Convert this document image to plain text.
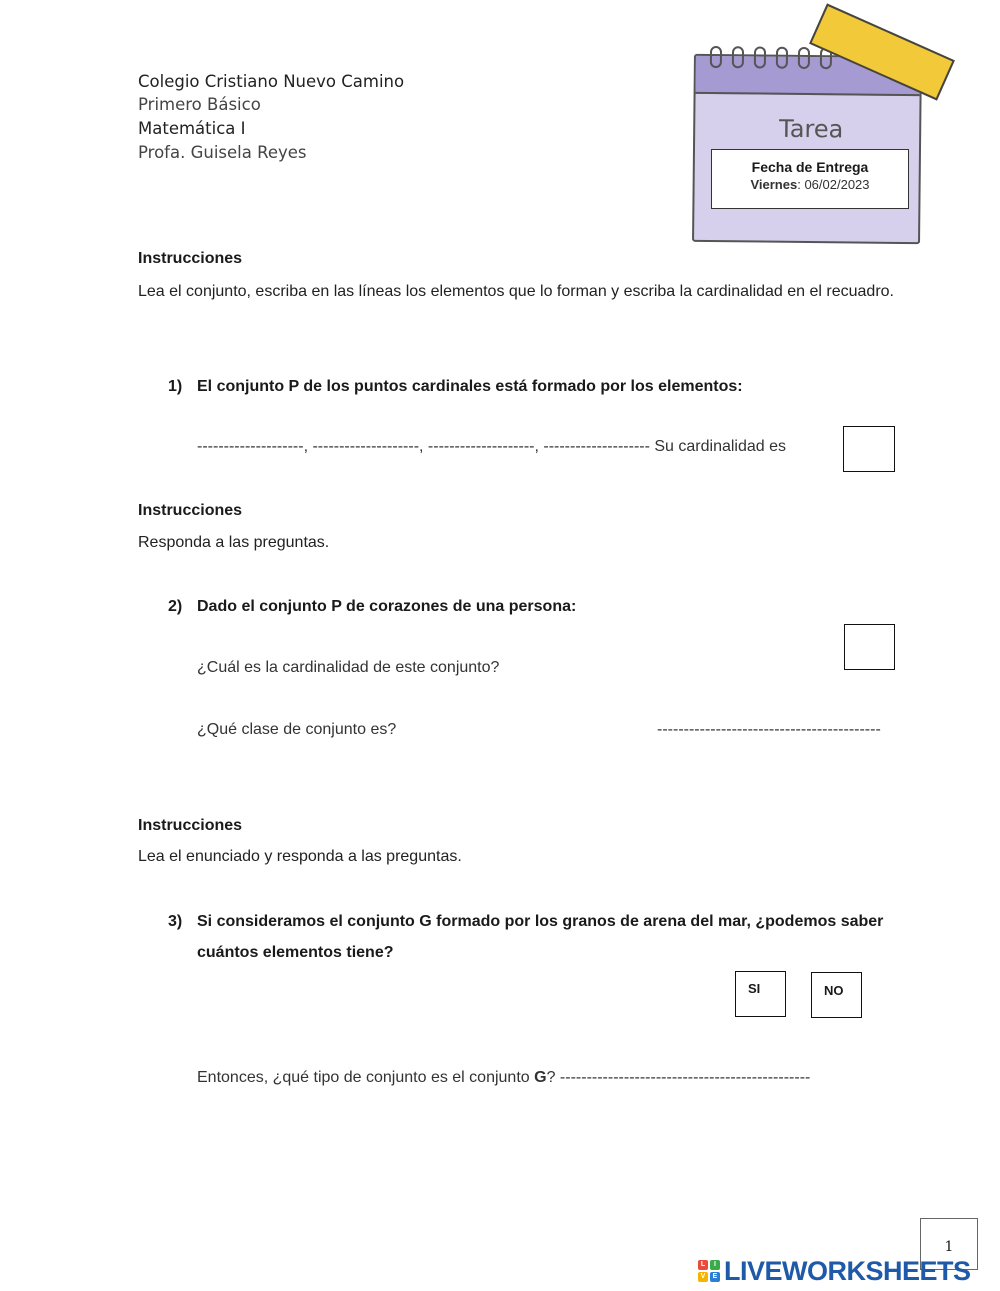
Colegio Cristiano Nuevo Camino
Primero Básico
Matemática I
Profa. Guisela Reyes
Tarea
Fecha de Entrega
Viernes: 06/02/2023
Instrucciones
Lea el conjunto, escriba en las líneas los elementos que lo forman y escriba la cardinalidad en el recuadro.
1) El conjunto P de los puntos cardinales está formado por los elementos:
--------------------, --------------------, --------------------, -------------------- Su cardinalidad es
Instrucciones
Responda a las preguntas.
2) Dado el conjunto P de corazones de una persona:
¿Cuál es la cardinalidad de este conjunto?
¿Qué clase de conjunto es?	------------------------------------------
Instrucciones
Lea el enunciado y responda a las preguntas.
3) Si consideramos el conjunto G formado por los granos de arena del mar, ¿podemos saber cuántos elementos tiene?
SI	NO
Entonces, ¿qué tipo de conjunto es el conjunto G? -----------------------------------------------
1
L	I
V	E LIVEWORKSHEETS
